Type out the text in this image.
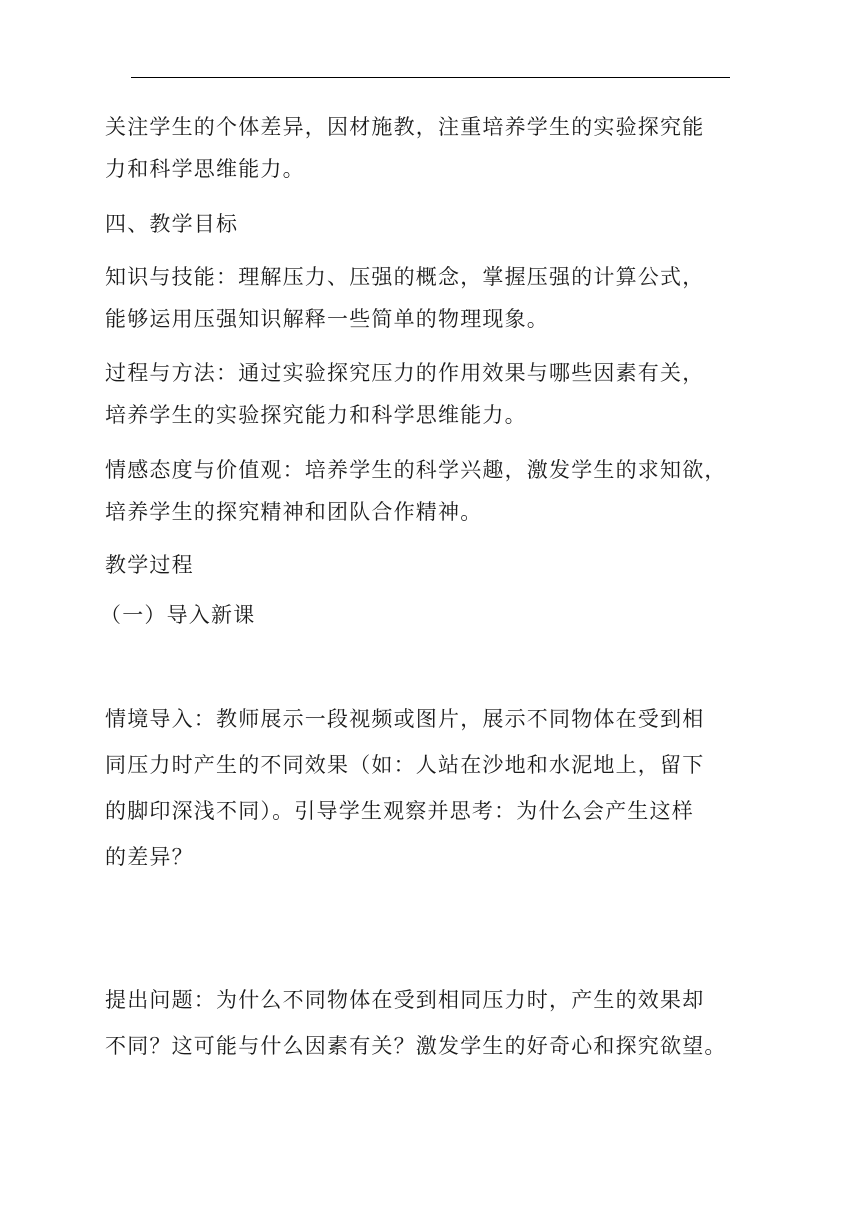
关注学生的个体差异，因材施教，注重培养学生的实验探究能
力和科学思维能力。

四、教学目标

知识与技能：理解压力、压强的概念，掌握压强的计算公式，
能够运用压强知识解释一些简单的物理现象。

过程与方法：通过实验探究压力的作用效果与哪些因素有关，
培养学生的实验探究能力和科学思维能力。

情感态度与价值观：培养学生的科学兴趣，激发学生的求知欲，
培养学生的探究精神和团队合作精神。

教学过程

（一）导入新课

情境导入：教师展示一段视频或图片，展示不同物体在受到相
同压力时产生的不同效果（如：人站在沙地和水泥地上，留下
的脚印深浅不同）。引导学生观察并思考：为什么会产生这样
的差异？

提出问题：为什么不同物体在受到相同压力时，产生的效果却
不同？这可能与什么因素有关？激发学生的好奇心和探究欲望。
